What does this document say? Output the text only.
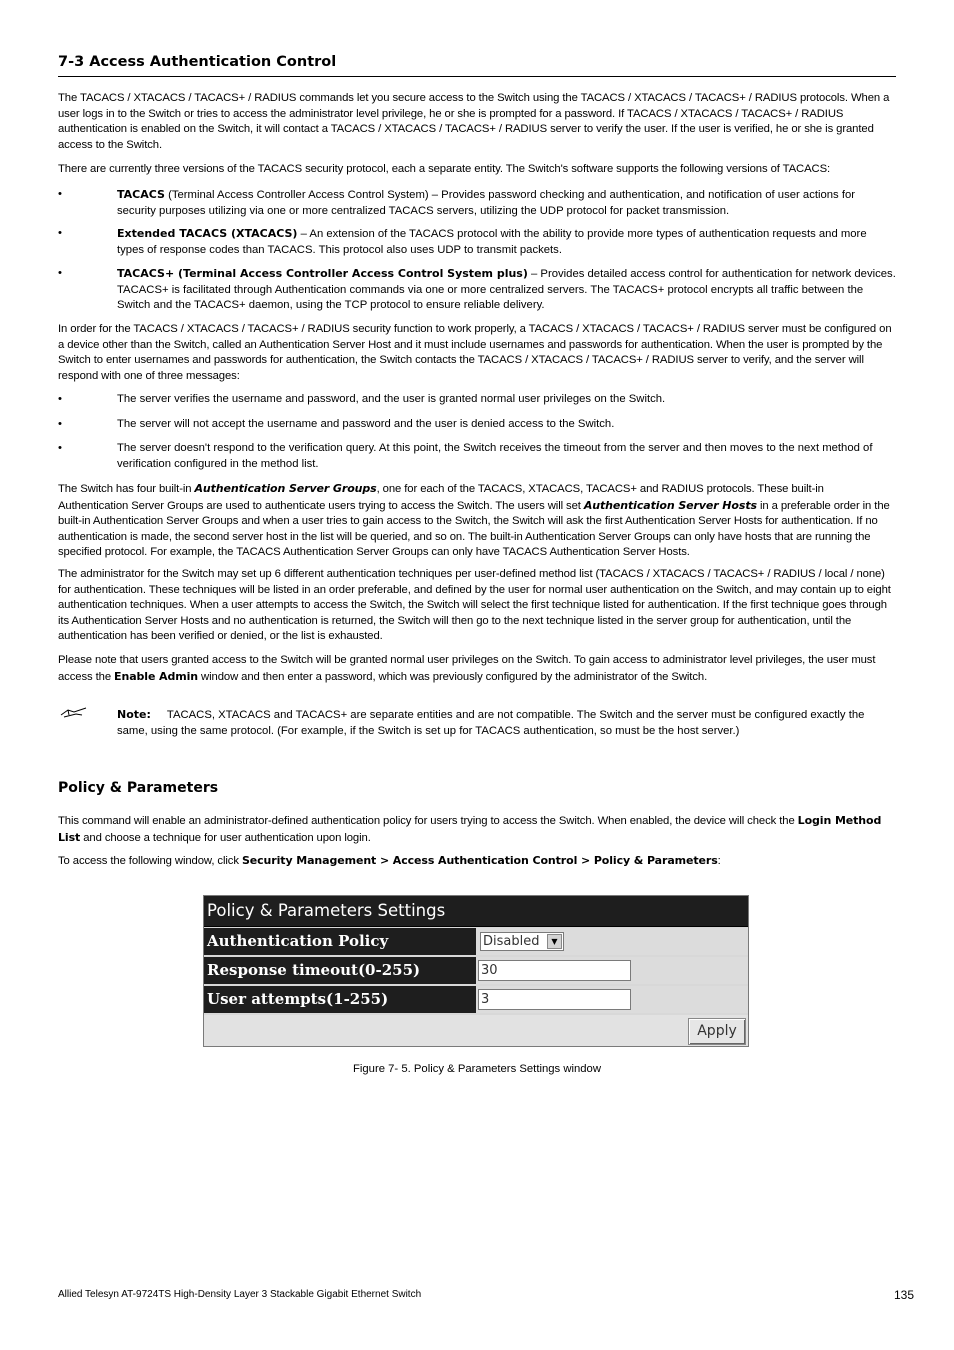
7-3 Access Authentication Control
The TACACS / XTACACS / TACACS+ / RADIUS commands let you secure access to the Switch using the TACACS / XTACACS / TACACS+ / RADIUS protocols. When a user logs in to the Switch or tries to access the administrator level privilege, he or she is prompted for a password. If TACACS / XTACACS / TACACS+ / RADIUS authentication is enabled on the Switch, it will contact a TACACS / XTACACS / TACACS+ / RADIUS server to verify the user. If the user is verified, he or she is granted access to the Switch.
There are currently three versions of the TACACS security protocol, each a separate entity. The Switch's software supports the following versions of TACACS:
•	TACACS (Terminal Access Controller Access Control System) – Provides password checking and authentication, and notification of user actions for security purposes utilizing via one or more centralized TACACS servers, utilizing the UDP protocol for packet transmission.
•	Extended TACACS (XTACACS) – An extension of the TACACS protocol with the ability to provide more types of authentication requests and more types of response codes than TACACS. This protocol also uses UDP to transmit packets.
•	TACACS+ (Terminal Access Controller Access Control System plus) – Provides detailed access control for authentication for network devices. TACACS+ is facilitated through Authentication commands via one or more centralized servers. The TACACS+ protocol encrypts all traffic between the Switch and the TACACS+ daemon, using the TCP protocol to ensure reliable delivery.
In order for the TACACS / XTACACS / TACACS+ / RADIUS security function to work properly, a TACACS / XTACACS / TACACS+ / RADIUS server must be configured on a device other than the Switch, called an Authentication Server Host and it must include usernames and passwords for authentication. When the user is prompted by the Switch to enter usernames and passwords for authentication, the Switch contacts the TACACS / XTACACS / TACACS+ / RADIUS server to verify, and the server will respond with one of three messages:
•	The server verifies the username and password, and the user is granted normal user privileges on the Switch.
•	The server will not accept the username and password and the user is denied access to the Switch.
•	The server doesn't respond to the verification query. At this point, the Switch receives the timeout from the server and then moves to the next method of verification configured in the method list.
The Switch has four built-in Authentication Server Groups, one for each of the TACACS, XTACACS, TACACS+ and RADIUS protocols. These built-in Authentication Server Groups are used to authenticate users trying to access the Switch. The users will set Authentication Server Hosts in a preferable order in the built-in Authentication Server Groups and when a user tries to gain access to the Switch, the Switch will ask the first Authentication Server Hosts for authentication. If no authentication is made, the second server host in the list will be queried, and so on. The built-in Authentication Server Groups can only have hosts that are running the specified protocol. For example, the TACACS Authentication Server Groups can only have TACACS Authentication Server Hosts.
The administrator for the Switch may set up 6 different authentication techniques per user-defined method list (TACACS / XTACACS / TACACS+ / RADIUS / local / none) for authentication. These techniques will be listed in an order preferable, and defined by the user for normal user authentication on the Switch, and may contain up to eight authentication techniques. When a user attempts to access the Switch, the Switch will select the first technique listed for authentication. If the first technique goes through its Authentication Server Hosts and no authentication is returned, the Switch will then go to the next technique listed in the server group for authentication, until the authentication has been verified or denied, or the list is exhausted.
Please note that users granted access to the Switch will be granted normal user privileges on the Switch. To gain access to administrator level privileges, the user must access the Enable Admin window and then enter a password, which was previously configured by the administrator of the Switch.
Note: TACACS, XTACACS and TACACS+ are separate entities and are not compatible. The Switch and the server must be configured exactly the same, using the same protocol. (For example, if the Switch is set up for TACACS authentication, so must be the host server.)
Policy & Parameters
This command will enable an administrator-defined authentication policy for users trying to access the Switch. When enabled, the device will check the Login Method List and choose a technique for user authentication upon login.
To access the following window, click Security Management > Access Authentication Control > Policy & Parameters:
Policy & Parameters Settings
Authentication Policy	Disabled	▼
Response timeout(0-255)	30
User attempts(1-255)	3
Apply
Figure 7- 5. Policy & Parameters Settings window
Allied Telesyn AT-9724TS High-Density Layer 3 Stackable Gigabit Ethernet Switch	135
